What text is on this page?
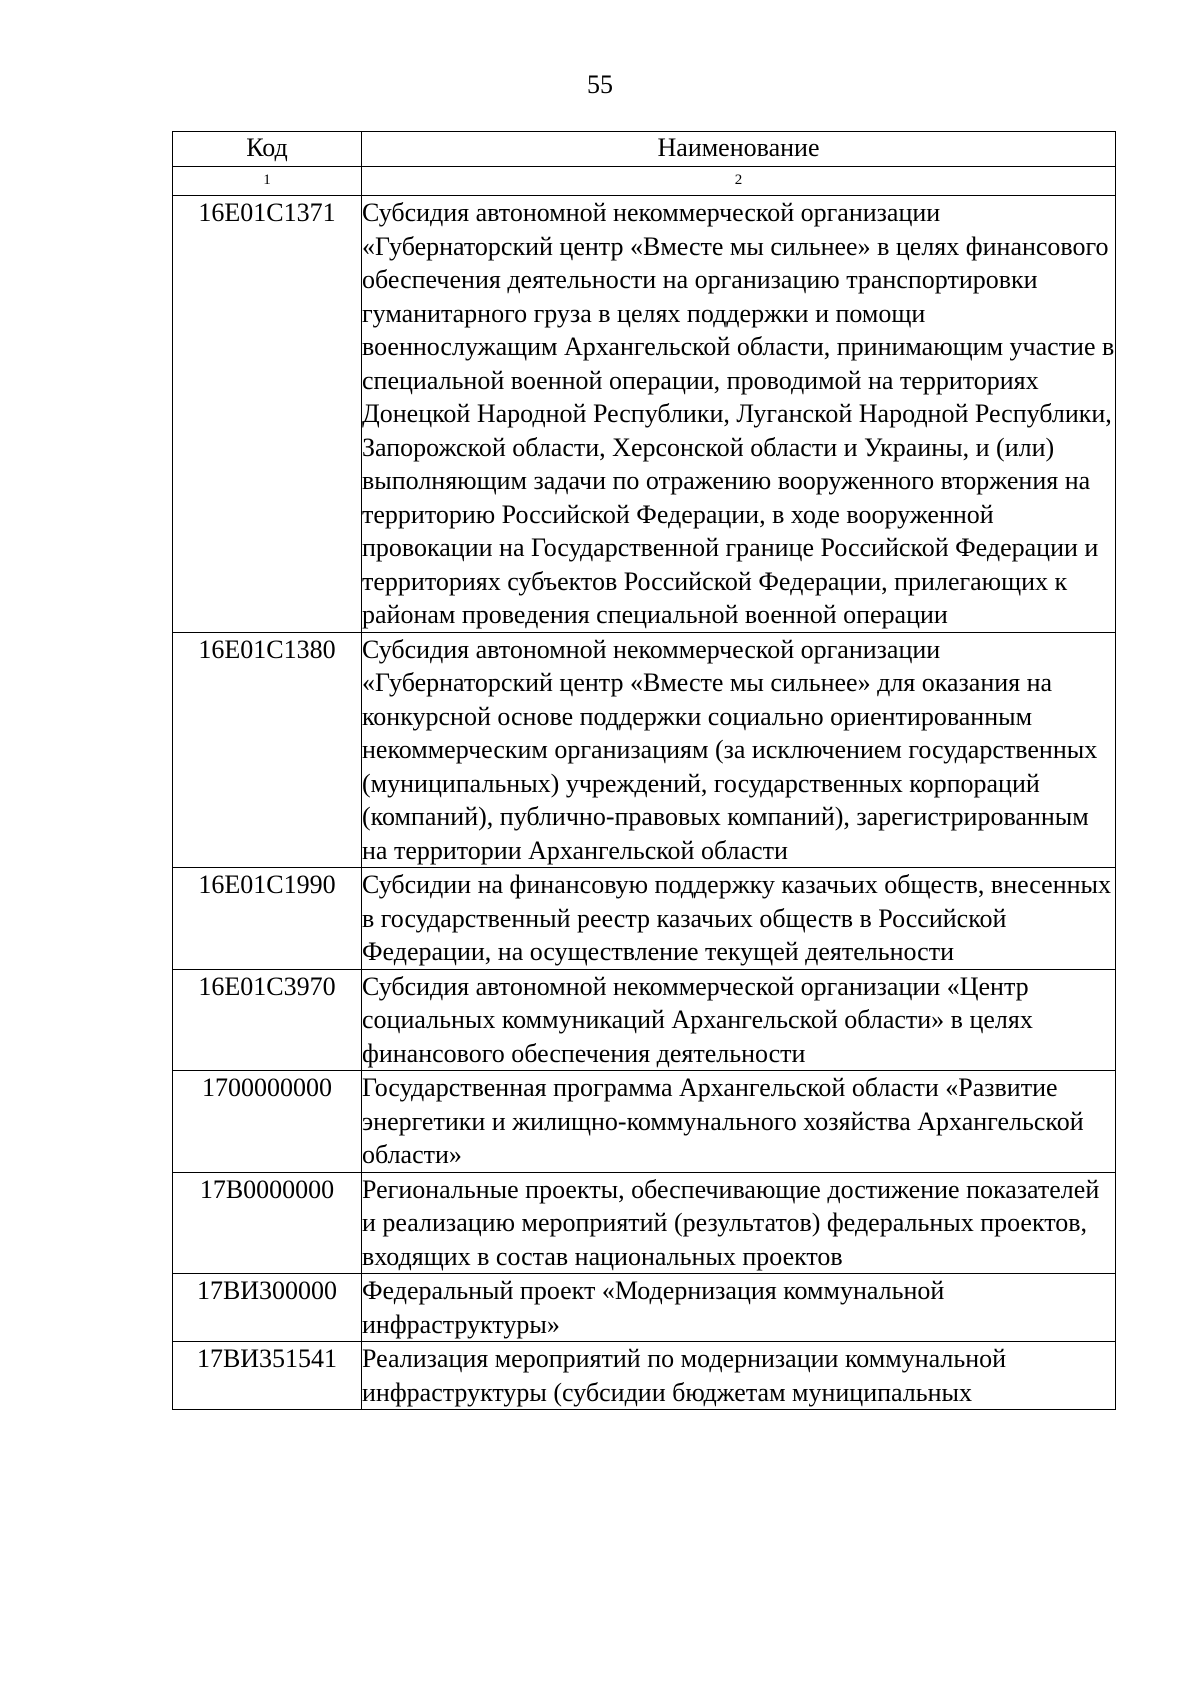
55
Код	Наименование
1	2
16Е01С1371	Субсидия автономной некоммерческой организации «Губернаторский центр «Вместе мы сильнее» в целях финансового обеспечения деятельности на организацию транспортировки гуманитарного груза в целях поддержки и помощи военнослужащим Архангельской области, принимающим участие в специальной военной операции, проводимой на территориях Донецкой Народной Республики, Луганской Народной Республики, Запорожской области, Херсонской области и Украины, и (или) выполняющим задачи по отражению вооруженного вторжения на территорию Российской Федерации, в ходе вооруженной провокации на Государственной границе Российской Федерации и территориях субъектов Российской Федерации, прилегающих к районам проведения специальной военной операции
16Е01С1380	Субсидия автономной некоммерческой организации «Губернаторский центр «Вместе мы сильнее» для оказания на конкурсной основе поддержки социально ориентированным некоммерческим организациям (за исключением государственных (муниципальных) учреждений, государственных корпораций (компаний), публично-правовых компаний), зарегистрированным на территории Архангельской области
16Е01С1990	Субсидии на финансовую поддержку казачьих обществ, внесенных в государственный реестр казачьих обществ в Российской Федерации, на осуществление текущей деятельности
16Е01С3970	Субсидия автономной некоммерческой организации «Центр социальных коммуникаций Архангельской области» в целях финансового обеспечения деятельности
1700000000	Государственная программа Архангельской области «Развитие энергетики и жилищно-коммунального хозяйства Архангельской области»
17В0000000	Региональные проекты, обеспечивающие достижение показателей и реализацию мероприятий (результатов) федеральных проектов, входящих в состав национальных проектов
17ВИ300000	Федеральный проект «Модернизация коммунальной инфраструктуры»
17ВИ351541	Реализация мероприятий по модернизации коммунальной инфраструктуры (субсидии бюджетам муниципальных
